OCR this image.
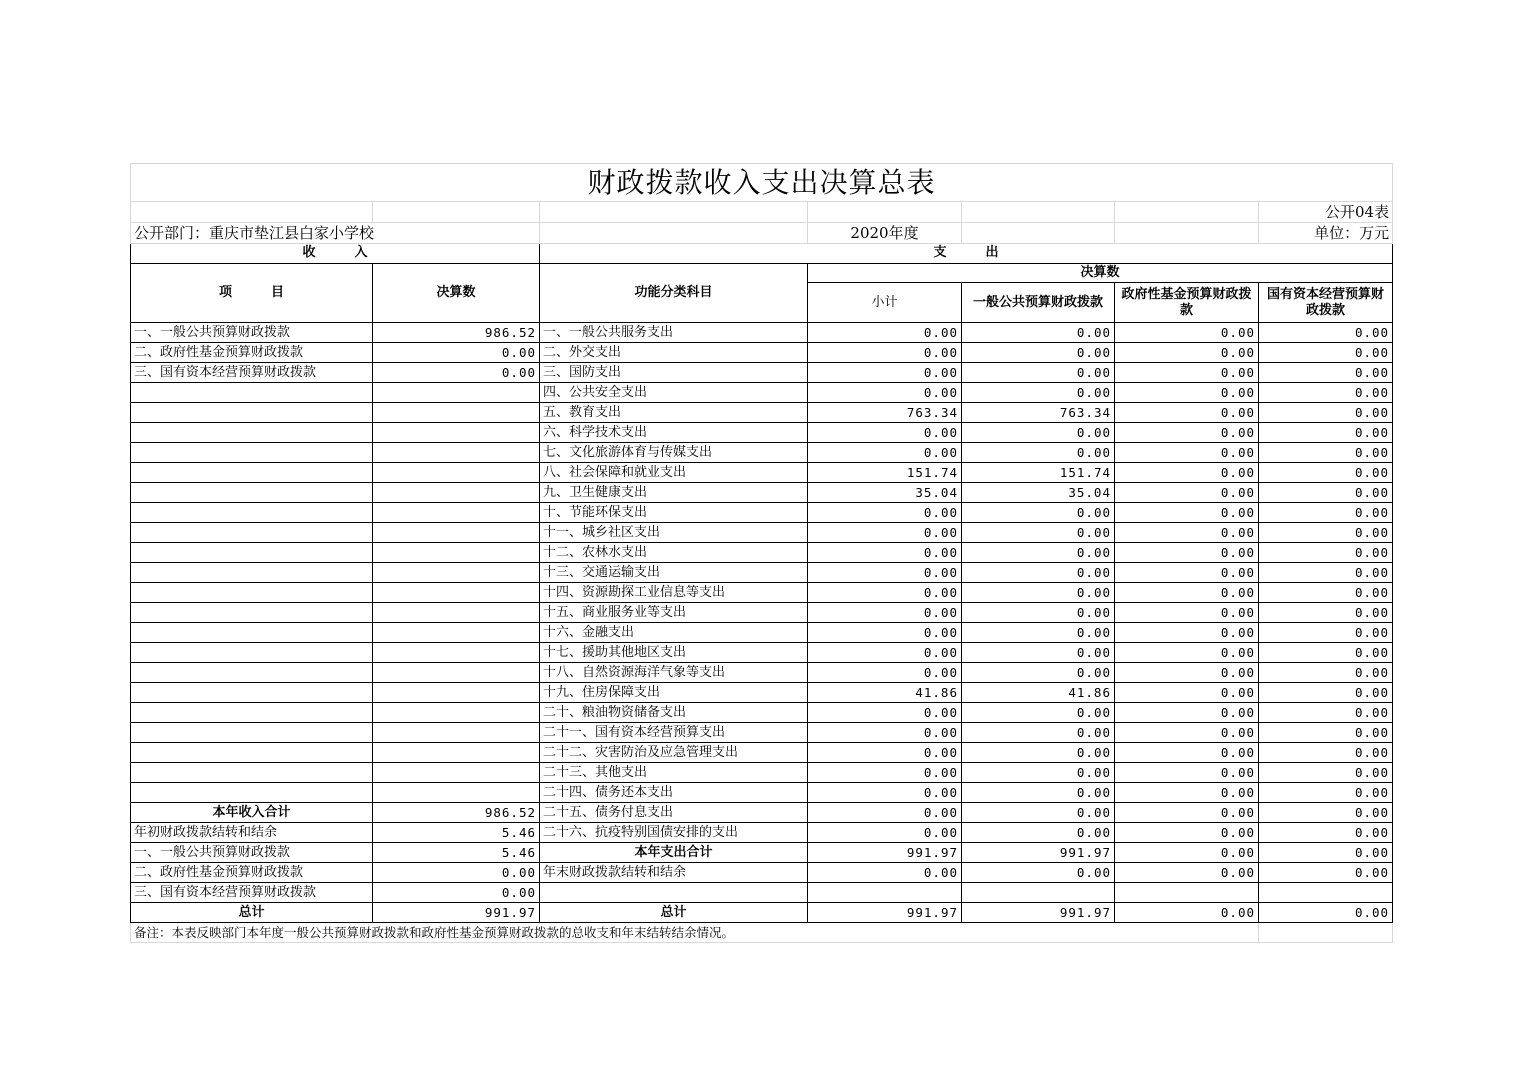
财政拨款收入支出决算总表						
						公开04表
公开部门：重庆市垫江县白家小学校			2020年度			单位：万元
收　　　入		支　　　出				
项　　　目	决算数	功能分类科目	决算数			
			小计	一般公共预算财政拨款	政府性基金预算财政拨款	国有资本经营预算财政拨款
一、一般公共预算财政拨款	986.52	一、一般公共服务支出	0.00	0.00	0.00	0.00
二、政府性基金预算财政拨款	0.00	二、外交支出	0.00	0.00	0.00	0.00
三、国有资本经营预算财政拨款	0.00	三、国防支出	0.00	0.00	0.00	0.00
		四、公共安全支出	0.00	0.00	0.00	0.00
		五、教育支出	763.34	763.34	0.00	0.00
		六、科学技术支出	0.00	0.00	0.00	0.00
		七、文化旅游体育与传媒支出	0.00	0.00	0.00	0.00
		八、社会保障和就业支出	151.74	151.74	0.00	0.00
		九、卫生健康支出	35.04	35.04	0.00	0.00
		十、节能环保支出	0.00	0.00	0.00	0.00
		十一、城乡社区支出	0.00	0.00	0.00	0.00
		十二、农林水支出	0.00	0.00	0.00	0.00
		十三、交通运输支出	0.00	0.00	0.00	0.00
		十四、资源勘探工业信息等支出	0.00	0.00	0.00	0.00
		十五、商业服务业等支出	0.00	0.00	0.00	0.00
		十六、金融支出	0.00	0.00	0.00	0.00
		十七、援助其他地区支出	0.00	0.00	0.00	0.00
		十八、自然资源海洋气象等支出	0.00	0.00	0.00	0.00
		十九、住房保障支出	41.86	41.86	0.00	0.00
		二十、粮油物资储备支出	0.00	0.00	0.00	0.00
		二十一、国有资本经营预算支出	0.00	0.00	0.00	0.00
		二十二、灾害防治及应急管理支出	0.00	0.00	0.00	0.00
		二十三、其他支出	0.00	0.00	0.00	0.00
		二十四、债务还本支出	0.00	0.00	0.00	0.00
本年收入合计	986.52	二十五、债务付息支出	0.00	0.00	0.00	0.00
年初财政拨款结转和结余	5.46	二十六、抗疫特别国债安排的支出	0.00	0.00	0.00	0.00
一、一般公共预算财政拨款	5.46	本年支出合计	991.97	991.97	0.00	0.00
二、政府性基金预算财政拨款	0.00	年末财政拨款结转和结余	0.00	0.00	0.00	0.00
三、国有资本经营预算财政拨款	0.00					
总计	991.97	总计	991.97	991.97	0.00	0.00
备注：本表反映部门本年度一般公共预算财政拨款和政府性基金预算财政拨款的总收支和年末结转结余情况。						
